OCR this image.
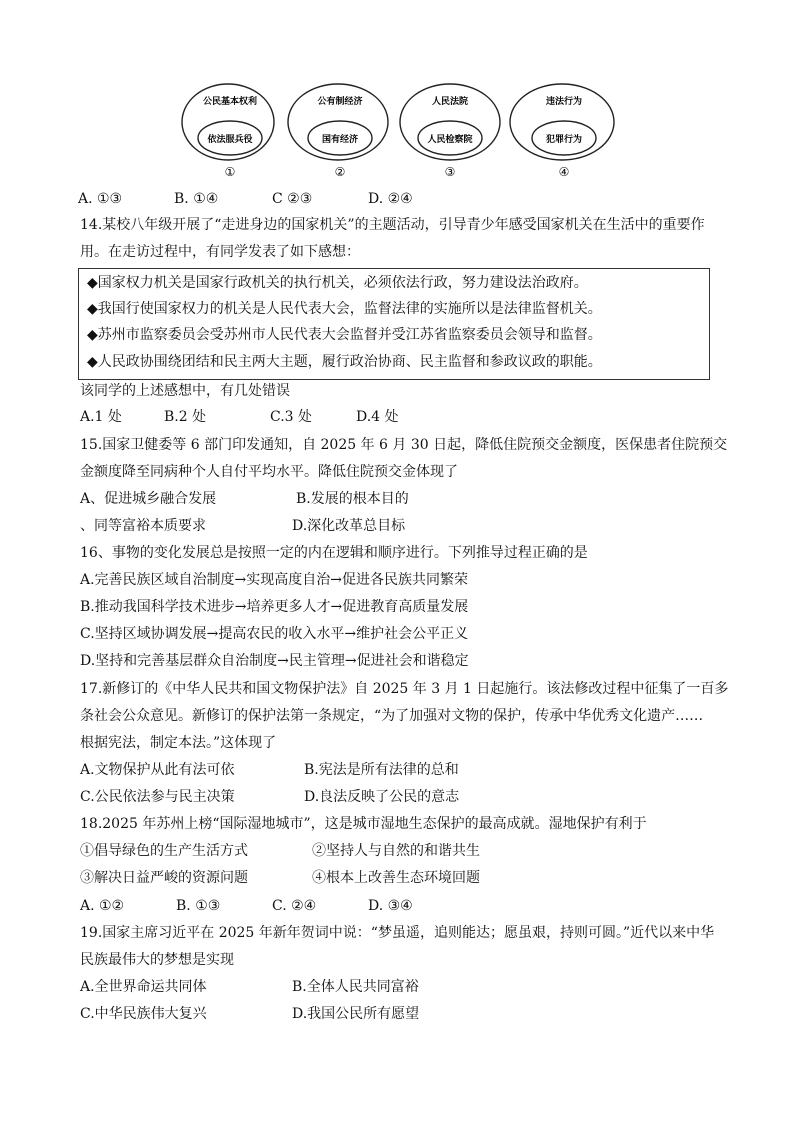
公民基本权利
依法服兵役
①
公有制经济
国有经济
②
人民法院
人民检察院
③
违法行为
犯罪行为
④
A. ①③	B. ①④	C ②③	D. ②④
14.某校八年级开展了“走进身边的国家机关”的主题活动，引导青少年感受国家机关在生活中的重要作
用。在走访过程中，有同学发表了如下感想：
◆国家权力机关是国家行政机关的执行机关，必须依法行政，努力建设法治政府。
◆我国行使国家权力的机关是人民代表大会，监督法律的实施所以是法律监督机关。
◆苏州市监察委员会受苏州市人民代表大会监督并受江苏省监察委员会领导和监督。
◆人民政协围绕团结和民主两大主题，履行政治协商、民主监督和参政议政的职能。
该同学的上述感想中，有几处错误
A.1 处	B.2 处	C.3 处	D.4 处
15.国家卫健委等 6 部门印发通知，自 2025 年 6 月 30 日起，降低住院预交金额度，医保患者住院预交
金额度降至同病种个人自付平均水平。降低住院预交金体现了
A、促进城乡融合发展	B.发展的根本目的
、同等富裕本质要求	D.深化改革总目标
16、事物的变化发展总是按照一定的内在逻辑和顺序进行。下列推导过程正确的是
A.完善民族区域自治制度→实现高度自治→促进各民族共同繁荣
B.推动我国科学技术进步→培养更多人才→促进教育高质量发展
C.坚持区域协调发展→提高农民的收入水平→维护社会公平正义
D.坚持和完善基层群众自治制度→民主管理→促进社会和谐稳定
17.新修订的《中华人民共和国文物保护法》自 2025 年 3 月 1 日起施行。该法修改过程中征集了一百多
条社会公众意见。新修订的保护法第一条规定，“为了加强对文物的保护，传承中华优秀文化遗产……
根据宪法，制定本法。”这体现了
A.文物保护从此有法可依	B.宪法是所有法律的总和
C.公民依法参与民主决策	D.良法反映了公民的意志
18.2025 年苏州上榜“国际湿地城市”，这是城市湿地生态保护的最高成就。湿地保护有利于
①倡导绿色的生产生活方式	②坚持人与自然的和谐共生
③解决日益严峻的资源问题	④根本上改善生态环境回题
A. ①②	B. ①③	C. ②④	D. ③④
19.国家主席习近平在 2025 年新年贺词中说：“梦虽遥，追则能达；愿虽艰，持则可圆。”近代以来中华
民族最伟大的梦想是实现
A.全世界命运共同体	B.全体人民共同富裕
C.中华民族伟大复兴	D.我国公民所有愿望
